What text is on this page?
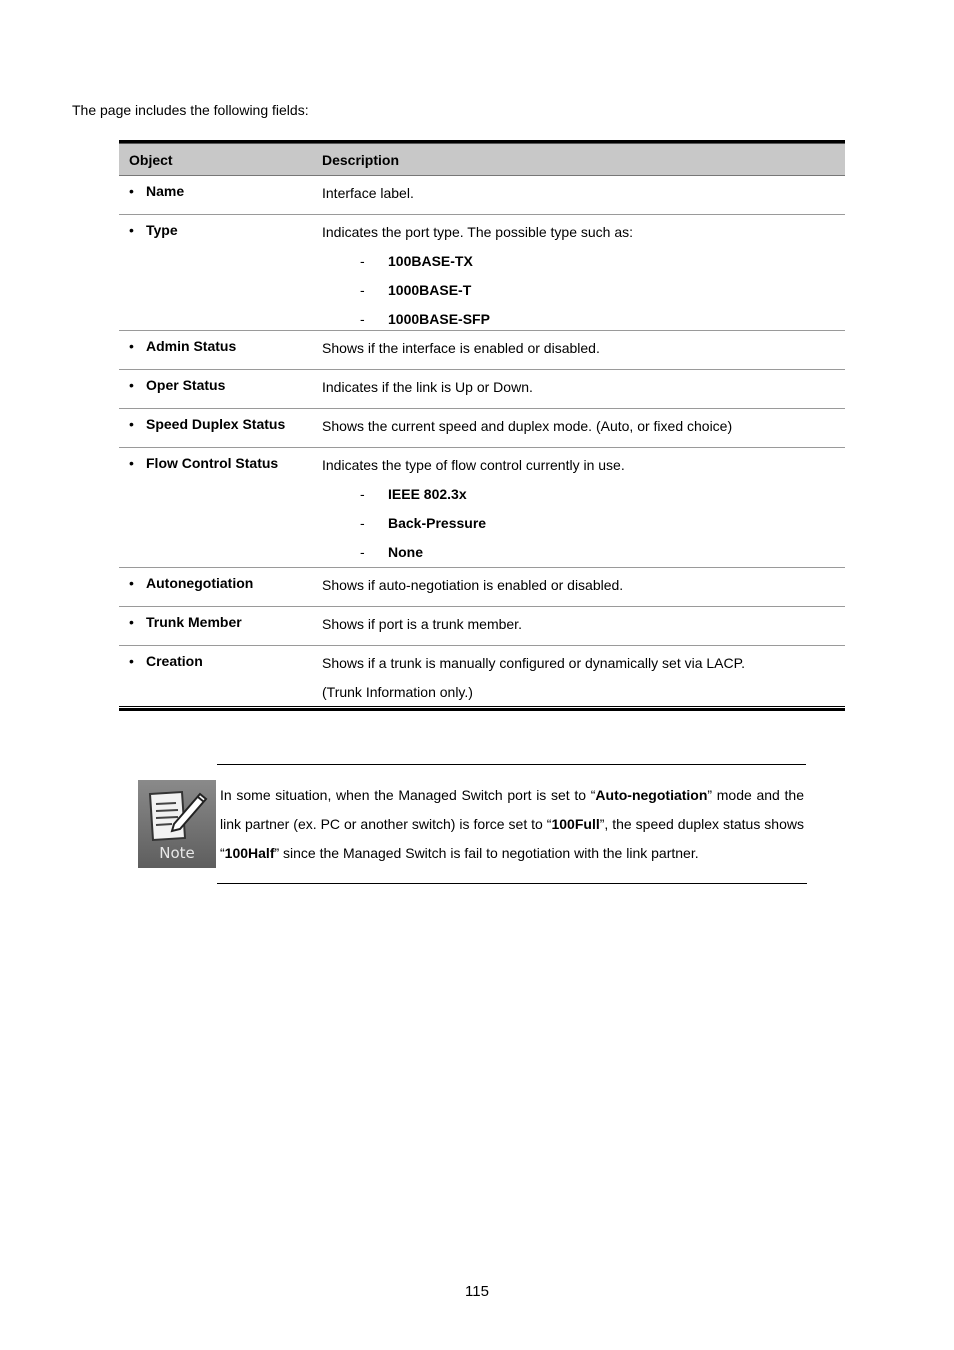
The page includes the following fields:
Object	Description
• Name	Interface label.
• Type	Indicates the port type. The possible type such as:
-	100BASE-TX
-	1000BASE-T
-	1000BASE-SFP
• Admin Status	Shows if the interface is enabled or disabled.
• Oper Status	Indicates if the link is Up or Down.
• Speed Duplex Status	Shows the current speed and duplex mode. (Auto, or fixed choice)
• Flow Control Status	Indicates the type of flow control currently in use.
-	IEEE 802.3x
-	Back-Pressure
-	None
• Autonegotiation	Shows if auto-negotiation is enabled or disabled.
• Trunk Member	Shows if port is a trunk member.
• Creation	Shows if a trunk is manually configured or dynamically set via LACP.
(Trunk Information only.)
Note
In some situation, when the Managed Switch port is set to “Auto-negotiation” mode and the link partner (ex. PC or another switch) is force set to “100Full”, the speed duplex status shows “100Half” since the Managed Switch is fail to negotiation with the link partner.
115
